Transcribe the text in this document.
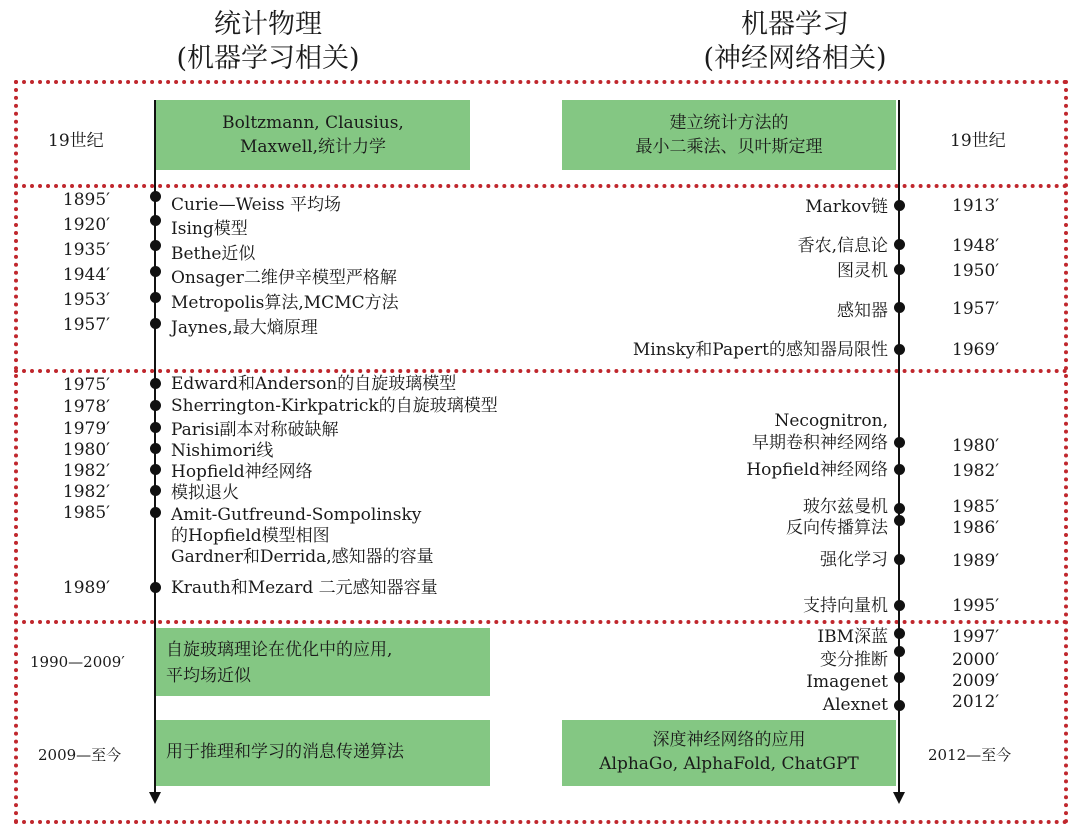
统计物理
(机器学习相关)
机器学习
(神经网络相关)
19世纪	19世纪
1990—2009′
2009—至今	2012—至今
Boltzmann, Clausius,
Maxwell,统计力学
建立统计方法的
最小二乘法、贝叶斯定理
自旋玻璃理论在优化中的应用,
平均场近似
用于推理和学习的消息传递算法
深度神经网络的应用
AlphaGo, AlphaFold, ChatGPT
1895′	Curie—Weiss 平均场
1920′	Ising模型
1935′	Bethe近似
1944′	Onsager二维伊辛模型严格解
1953′	Metropolis算法,MCMC方法
1957′	Jaynes,最大熵原理
1975′	Edward和Anderson的自旋玻璃模型
1978′	Sherrington-Kirkpatrick的自旋玻璃模型
1979′	Parisi副本对称破缺解
1980′	Nishimori线
1982′	Hopfield神经网络
1982′	模拟退火
1985′	Amit-Gutfreund-Sompolinsky
的Hopfield模型相图
Gardner和Derrida,感知器的容量
1989′	Krauth和Mezard 二元感知器容量
Markov链	1913′
香农,信息论	1948′
图灵机	1950′
感知器	1957′
Minsky和Papert的感知器局限性	1969′
Necognitron,
早期卷积神经网络	1980′
Hopfield神经网络	1982′
玻尔兹曼机	1985′
反向传播算法	1986′
强化学习	1989′
支持向量机	1995′
IBM深蓝	1997′
变分推断	2000′
Imagenet	2009′
Alexnet	2012′
